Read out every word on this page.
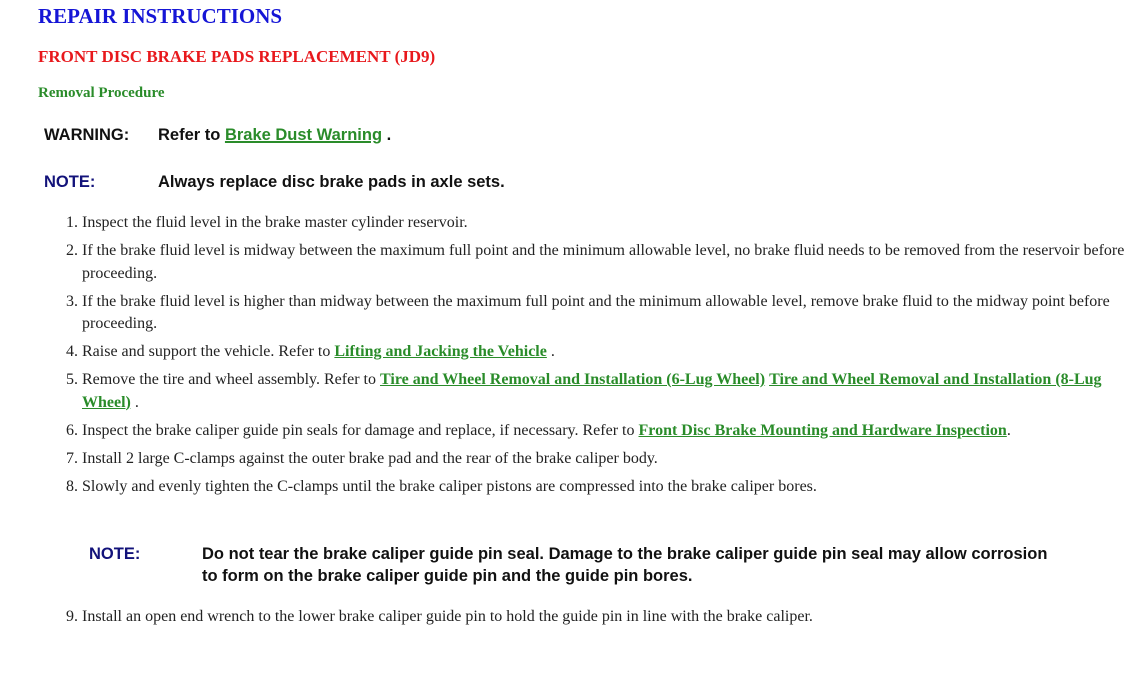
REPAIR INSTRUCTIONS
FRONT DISC BRAKE PADS REPLACEMENT (JD9)
Removal Procedure
WARNING: Refer to Brake Dust Warning .
NOTE:	Always replace disc brake pads in axle sets.
1. Inspect the fluid level in the brake master cylinder reservoir.
2. If the brake fluid level is midway between the maximum full point and the minimum allowable level, no brake fluid needs to be removed from the reservoir before proceeding.
3. If the brake fluid level is higher than midway between the maximum full point and the minimum allowable level, remove brake fluid to the midway point before proceeding.
4. Raise and support the vehicle. Refer to Lifting and Jacking the Vehicle .
5. Remove the tire and wheel assembly. Refer to Tire and Wheel Removal and Installation (6-Lug Wheel) Tire and Wheel Removal and Installation (8-Lug Wheel) .
6. Inspect the brake caliper guide pin seals for damage and replace, if necessary. Refer to Front Disc Brake Mounting and Hardware Inspection.
7. Install 2 large C-clamps against the outer brake pad and the rear of the brake caliper body.
8. Slowly and evenly tighten the C-clamps until the brake caliper pistons are compressed into the brake caliper bores.
NOTE:	Do not tear the brake caliper guide pin seal. Damage to the brake caliper guide pin seal may allow corrosion to form on the brake caliper guide pin and the guide pin bores.
9. Install an open end wrench to the lower brake caliper guide pin to hold the guide pin in line with the brake caliper.
